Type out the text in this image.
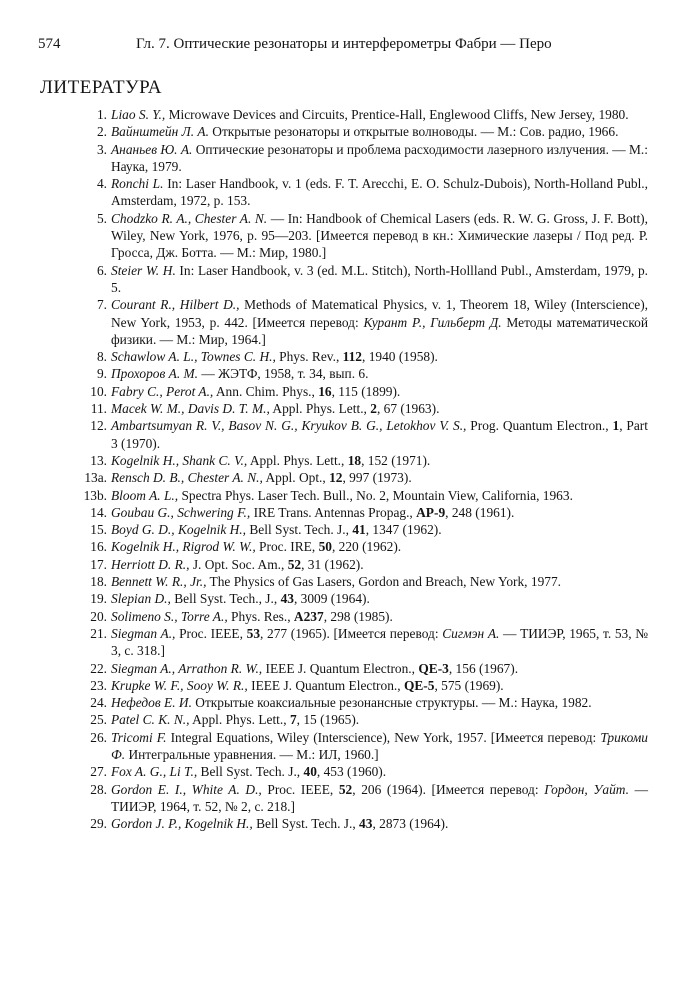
574	Гл. 7. Оптические резонаторы и интерферометры Фабри — Перо
ЛИТЕРАТУРА
1. Liao S. Y., Microwave Devices and Circuits, Prentice-Hall, Englewood Cliffs, New Jersey, 1980.
2. Вайнштейн Л. А. Открытые резонаторы и открытые волноводы. — М.: Сов. радио, 1966.
3. Ананьев Ю. А. Оптические резонаторы и проблема расходимости лазерного излучения. — М.: Наука, 1979.
4. Ronchi L. In: Laser Handbook, v. 1 (eds. F. T. Arecchi, E. O. Schulz-Dubois), North-Holland Publ., Amsterdam, 1972, p. 153.
5. Chodzko R. A., Chester A. N. — In: Handbook of Chemical Lasers (eds. R. W. G. Gross, J. F. Bott), Wiley, New York, 1976, p. 95—203. [Имеется перевод в кн.: Химические лазеры / Под ред. Р. Гросса, Дж. Ботта. — М.: Мир, 1980.]
6. Steier W. H. In: Laser Handbook, v. 3 (ed. M.L. Stitch), North-Hollland Publ., Amsterdam, 1979, p. 5.
7. Courant R., Hilbert D., Methods of Matematical Physics, v. 1, Theorem 18, Wiley (Interscience), New York, 1953, p. 442. [Имеется перевод: Курант Р., Гильберт Д. Методы математической физики. — М.: Мир, 1964.]
8. Schawlow A. L., Townes C. H., Phys. Rev., 112, 1940 (1958).
9. Прохоров А. М. — ЖЭТФ, 1958, т. 34, вып. 6.
10. Fabry C., Perot A., Ann. Chim. Phys., 16, 115 (1899).
11. Macek W. M., Davis D. T. M., Appl. Phys. Lett., 2, 67 (1963).
12. Ambartsumyan R. V., Basov N. G., Kryukov B. G., Letokhov V. S., Prog. Quantum Electron., 1, Part 3 (1970).
13. Kogelnik H., Shank C. V., Appl. Phys. Lett., 18, 152 (1971).
13a. Rensch D. B., Chester A. N., Appl. Opt., 12, 997 (1973).
13b. Bloom A. L., Spectra Phys. Laser Tech. Bull., No. 2, Mountain View, California, 1963.
14. Goubau G., Schwering F., IRE Trans. Antennas Propag., AP-9, 248 (1961).
15. Boyd G. D., Kogelnik H., Bell Syst. Tech. J., 41, 1347 (1962).
16. Kogelnik H., Rigrod W. W., Proc. IRE, 50, 220 (1962).
17. Herriott D. R., J. Opt. Soc. Am., 52, 31 (1962).
18. Bennett W. R., Jr., The Physics of Gas Lasers, Gordon and Breach, New York, 1977.
19. Slepian D., Bell Syst. Tech., J., 43, 3009 (1964).
20. Solimeno S., Torre A., Phys. Res., A237, 298 (1985).
21. Siegman A., Proc. IEEE, 53, 277 (1965). [Имеется перевод: Сигмэн А. — ТИИЭР, 1965, т. 53, № 3, с. 318.]
22. Siegman A., Arrathon R. W., IEEE J. Quantum Electron., QE-3, 156 (1967).
23. Krupke W. F., Sooy W. R., IEEE J. Quantum Electron., QE-5, 575 (1969).
24. Нефедов Е. И. Открытые коаксиальные резонансные структуры. — М.: Наука, 1982.
25. Patel C. K. N., Appl. Phys. Lett., 7, 15 (1965).
26. Tricomi F. Integral Equations, Wiley (Interscience), New York, 1957. [Имеется перевод: Трикоми Ф. Интегральные уравнения. — М.: ИЛ, 1960.]
27. Fox A. G., Li T., Bell Syst. Tech. J., 40, 453 (1960).
28. Gordon E. I., White A. D., Proc. IEEE, 52, 206 (1964). [Имеется перевод: Гордон, Уайт. — ТИИЭР, 1964, т. 52, № 2, с. 218.]
29. Gordon J. P., Kogelnik H., Bell Syst. Tech. J., 43, 2873 (1964).
